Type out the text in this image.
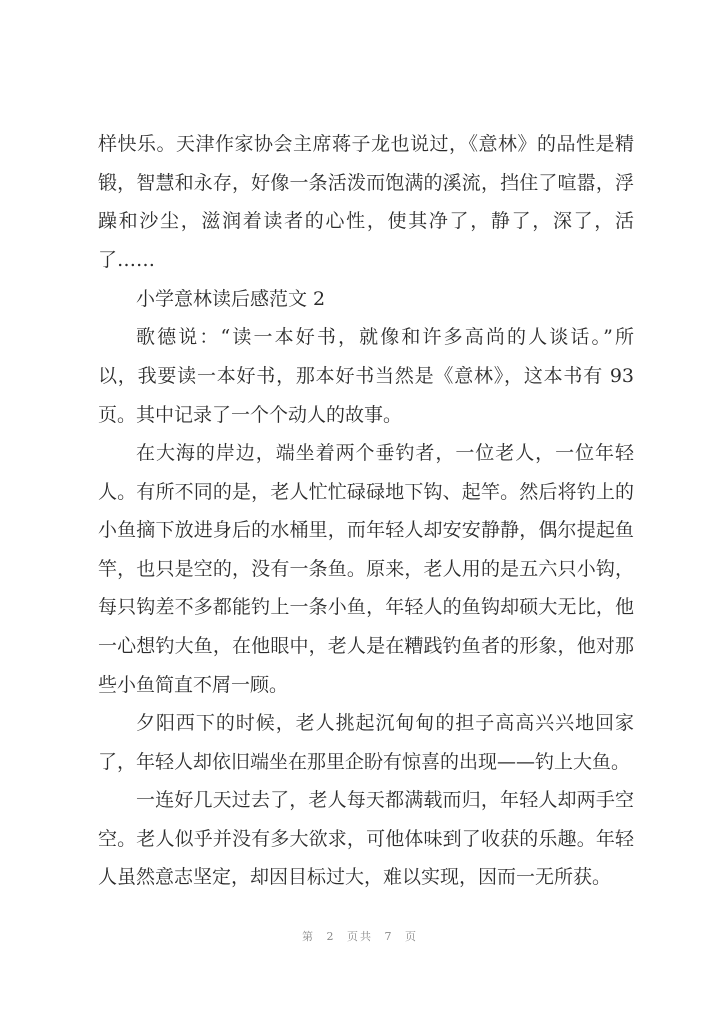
样快乐。天津作家协会主席蒋子龙也说过，《意林》的品性是精
锻，智慧和永存，好像一条活泼而饱满的溪流，挡住了喧嚣，浮
躁和沙尘，滋润着读者的心性，使其净了，静了，深了，活
了……
小学意林读后感范文 2
歌德说：“读一本好书，就像和许多高尚的人谈话。”所
以，我要读一本好书，那本好书当然是《意林》，这本书有 93
页。其中记录了一个个动人的故事。
在大海的岸边，端坐着两个垂钓者，一位老人，一位年轻
人。有所不同的是，老人忙忙碌碌地下钩、起竿。然后将钓上的
小鱼摘下放进身后的水桶里，而年轻人却安安静静，偶尔提起鱼
竿，也只是空的，没有一条鱼。原来，老人用的是五六只小钩，
每只钩差不多都能钓上一条小鱼，年轻人的鱼钩却硕大无比，他
一心想钓大鱼，在他眼中，老人是在糟践钓鱼者的形象，他对那
些小鱼简直不屑一顾。
夕阳西下的时候，老人挑起沉甸甸的担子高高兴兴地回家
了，年轻人却依旧端坐在那里企盼有惊喜的出现——钓上大鱼。
一连好几天过去了，老人每天都满载而归，年轻人却两手空
空。老人似乎并没有多大欲求，可他体味到了收获的乐趣。年轻
人虽然意志坚定，却因目标过大，难以实现，因而一无所获。
第 2 页共 7 页
